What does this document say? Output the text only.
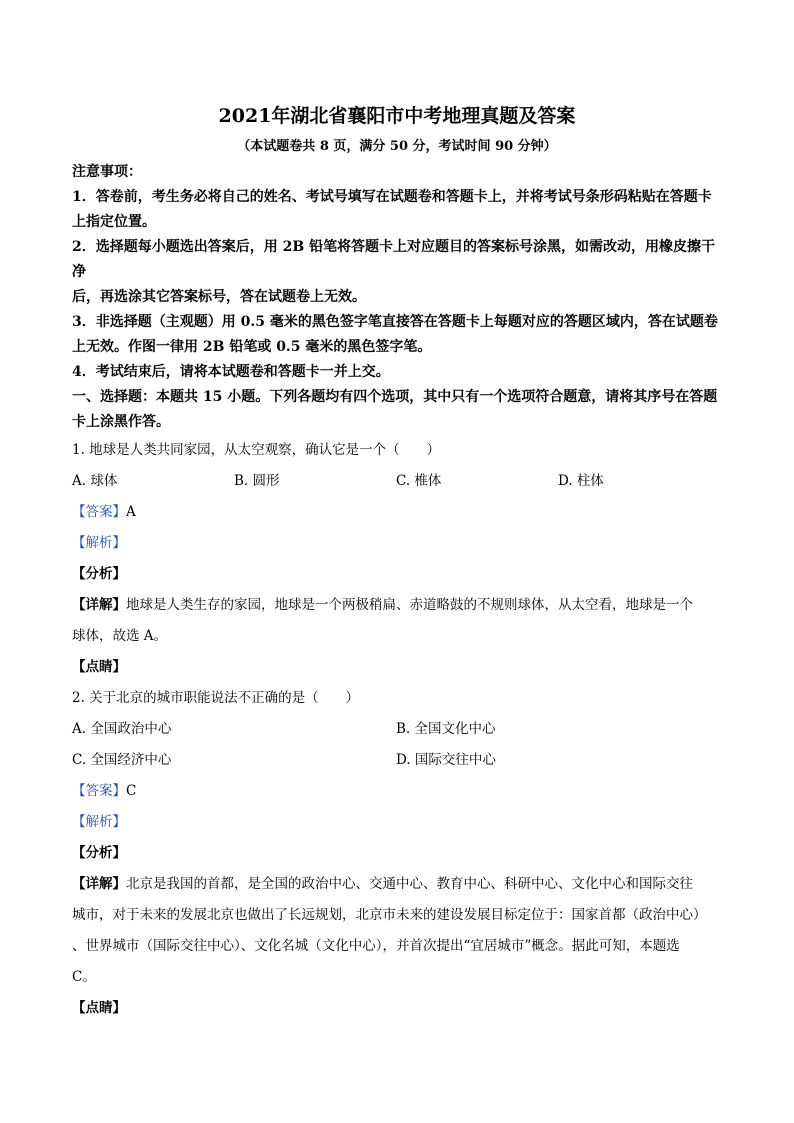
2021年湖北省襄阳市中考地理真题及答案
（本试题卷共 8 页，满分 50 分，考试时间 90 分钟）
注意事项：
1．答卷前，考生务必将自己的姓名、考试号填写在试题卷和答题卡上，并将考试号条形码粘贴在答题卡
上指定位置。
2．选择题每小题选出答案后，用 2B 铅笔将答题卡上对应题目的答案标号涂黑，如需改动，用橡皮擦干净
后，再选涂其它答案标号，答在试题卷上无效。
3．非选择题（主观题）用 0.5 毫米的黑色签字笔直接答在答题卡上每题对应的答题区域内，答在试题卷
上无效。作图一律用 2B 铅笔或 0.5 毫米的黑色签字笔。
4．考试结束后，请将本试题卷和答题卡一并上交。
一、选择题：本题共 15 小题。下列各题均有四个选项，其中只有一个选项符合题意，请将其序号在答题
卡上涂黑作答。
1. 地球是人类共同家园，从太空观察，确认它是一个（　　）
A. 球体	B. 圆形	C. 椎体	D. 柱体
【答案】A
【解析】
【分析】
【详解】地球是人类生存的家园，地球是一个两极稍扁、赤道略鼓的不规则球体，从太空看，地球是一个
球体，故选 A。
【点睛】
2. 关于北京的城市职能说法不正确的是（　　）
A. 全国政治中心	B. 全国文化中心
C. 全国经济中心	D. 国际交往中心
【答案】C
【解析】
【分析】
【详解】北京是我国的首都，是全国的政治中心、交通中心、教育中心、科研中心、文化中心和国际交往
城市，对于未来的发展北京也做出了长远规划，北京市未来的建设发展目标定位于：国家首都（政治中心）
、世界城市（国际交往中心）、文化名城（文化中心），并首次提出“宜居城市”概念。据此可知，本题选
C。
【点睛】
